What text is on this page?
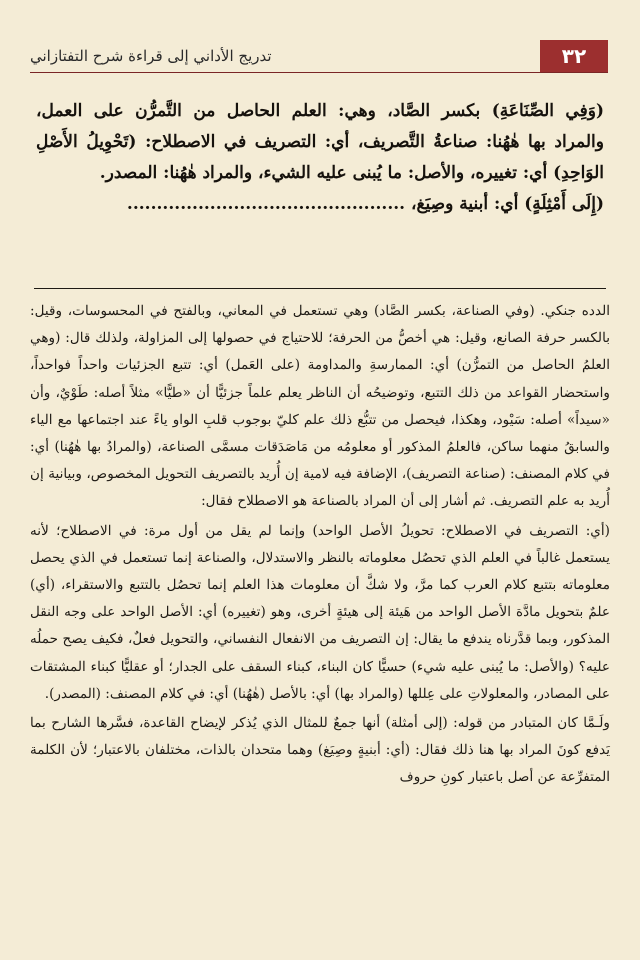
٣٢
تدريج الأداني إلى قراءة شرح التفتازاني

(وَفِي الصِّنَاعَةِ) بكسر الصَّاد، وهي: العلم الحاصل من التَّمرُّن على العمل، والمراد بها هٰهُنا: صناعةُ التَّصريف، أي: التصريف في الاصطلاح: (تَحْوِيلُ الأَصْلِ الوَاحِدِ) أي: تغييره، والأصل: ما يُبنى عليه الشيء، والمراد هٰهُنا: المصدر.

(إِلَى أَمْثِلَةٍ) أي: أبنية وصِيَغ، ...............................................

الدده جنكي. (وفي الصناعة، بكسر الصَّاد) وهي تستعمل في المعاني، وبالفتح في المحسوسات، وقيل: بالكسر حرفة الصانع، وقيل: هي أخصُّ من الحرفة؛ للاحتياج في حصولها إلى المزاولة، ولذلك قال: (وهي العلمُ الحاصل من التمرُّن) أي: الممارسةِ والمداومة (على العَمل) أي: تتبع الجزئيات واحداً فواحداً، واستحضار القواعد من ذلك التتبع، وتوضيحُه أن الناظر يعلم علماً جزئيًّا أن «طيًّا» مثلاً أصله: طَوْيٌ، وأن «سيداً» أصله: سَيْود، وهكذا، فيحصل من تتبُّع ذلك علم كليّ بوجوب قلبِ الواو ياءً عند اجتماعها مع الياء والسابقُ منهما ساكن، فالعلمُ المذكور أو معلومُه من مَاصَدَقات مسمَّى الصناعة، (والمرادُ بها هٰهُنا) أي: في كلام المصنف: (صناعة التصريف)، الإضافة فيه لامية إن أُريد بالتصريف التحويل المخصوص، وبيانية إن أُريد به علم التصريف. ثم أشار إلى أن المراد بالصناعة هو الاصطلاح فقال:

(أي: التصريف في الاصطلاح: تحويلُ الأصل الواحد) وإنما لم يقل من أول مرة: في الاصطلاح؛ لأنه يستعمل غالباً في العلم الذي تحصُل معلوماته بالنظر والاستدلال، والصناعة إنما تستعمل في الذي يحصل معلوماته بتتبع كلام العرب كما مرَّ، ولا شكَّ أن معلومات هذا العلم إنما تحصُل بالتتبع والاستقراء، (أي) علمٌ بتحويل مادَّة الأصل الواحد من هَيئة إلى هيئةٍ أخرى، وهو (تغييره) أي: الأصل الواحد على وجه النقل المذكور، وبما قدَّرناه يندفع ما يقال: إن التصريف من الانفعال النفساني، والتحويل فعلٌ، فكيف يصح حملُه عليه؟ (والأصل: ما يُبنى عليه شيء) حسيًّا كان البناء، كبناء السقف على الجدار؛ أو عقليًّا كبناء المشتقات على المصادر، والمعلولاتِ على عِللها (والمراد بها) أي: بالأصل (هٰهُنا) أي: في كلام المصنف: (المصدر).

ولَـمَّا كان المتبادر من قوله: (إلى أمثلة) أنها جمعٌ للمثال الذي يُذكر لإيضاح القاعدة، فسَّرها الشارح بما يَدفع كونَ المراد بها هنا ذلك فقال: (أي: أبنيةٍ وصِيَغ) وهما متحدان بالذات، مختلفان بالاعتبار؛ لأن الكلمة المتفرِّعة عن أصل باعتبار كونِ حروف
